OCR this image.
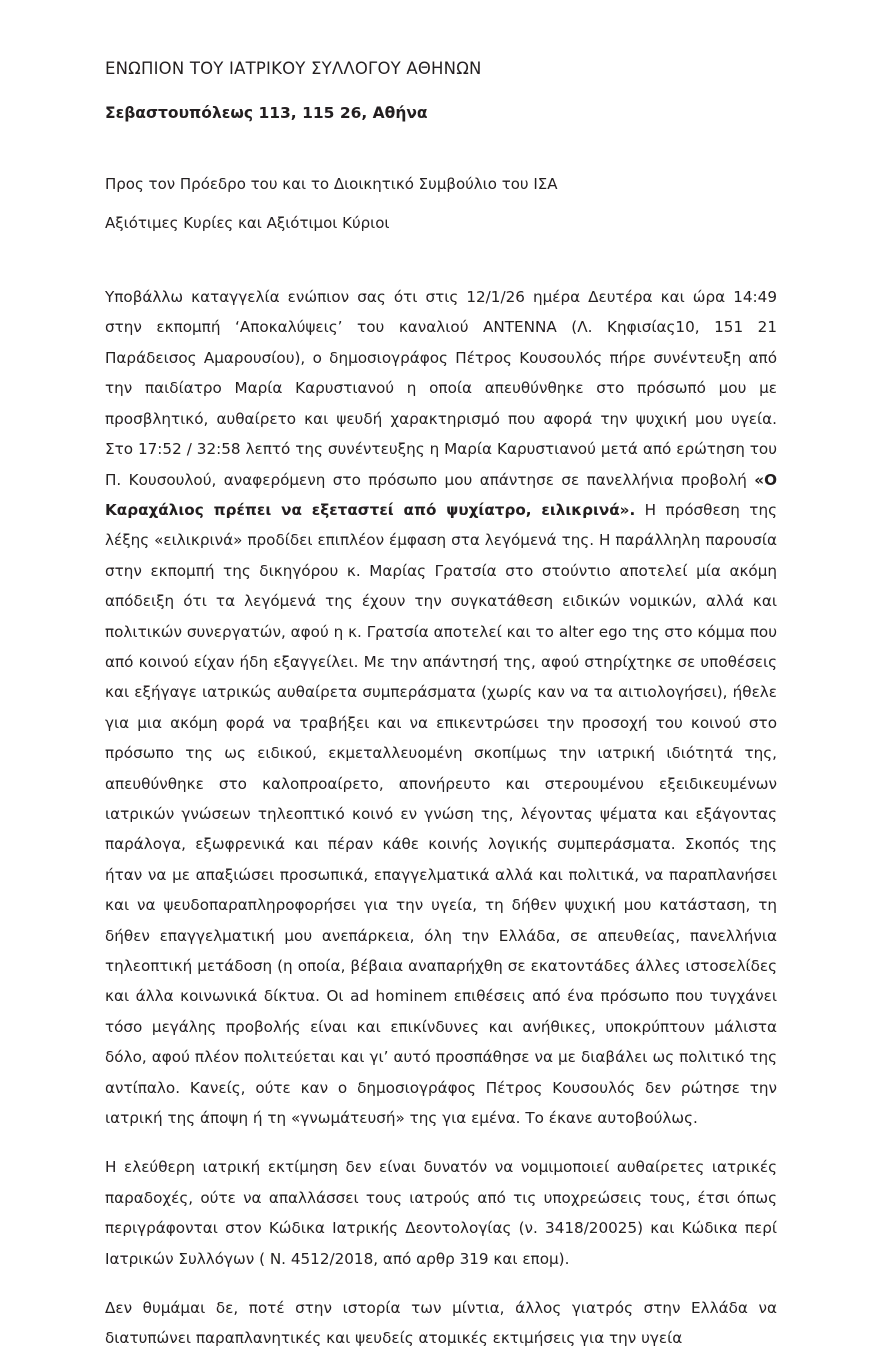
ΕΝΩΠΙΟΝ ΤΟΥ ΙΑΤΡΙΚΟΥ ΣΥΛΛΟΓΟΥ ΑΘΗΝΩΝ

Σεβαστουπόλεως 113, 115 26, Αθήνα

Προς τον Πρόεδρο του και το Διοικητικό Συμβούλιο του ΙΣΑ

Αξιότιμες Κυρίες και Αξιότιμοι Κύριοι

Υποβάλλω καταγγελία ενώπιον σας ότι στις 12/1/26 ημέρα Δευτέρα και ώρα 14:49 στην εκπομπή ‘Αποκαλύψεις’ του καναλιού ΑΝΤΕΝΝΑ (Λ. Κηφισίας10, 151 21 Παράδεισος Αμαρουσίου), ο δημοσιογράφος Πέτρος Κουσουλός πήρε συνέντευξη από την παιδίατρο Μαρία Καρυστιανού η οποία απευθύνθηκε στο πρόσωπό μου με προσβλητικό, αυθαίρετο και ψευδή χαρακτηρισμό που αφορά την ψυχική μου υγεία. Στο 17:52 / 32:58 λεπτό της συνέντευξης η Μαρία Καρυστιανού μετά από ερώτηση του Π. Κουσουλού, αναφερόμενη στο πρόσωπο μου απάντησε σε πανελλήνια προβολή «Ο Καραχάλιος πρέπει να εξεταστεί από ψυχίατρο, ειλικρινά». Η πρόσθεση της λέξης «ειλικρινά» προδίδει επιπλέον έμφαση στα λεγόμενά της. Η παράλληλη παρουσία στην εκπομπή της δικηγόρου κ. Μαρίας Γρατσία στο στούντιο αποτελεί μία ακόμη απόδειξη ότι τα λεγόμενά της έχουν την συγκατάθεση ειδικών νομικών, αλλά και πολιτικών συνεργατών, αφού η κ. Γρατσία αποτελεί και το alter ego της στο κόμμα που από κοινού είχαν ήδη εξαγγείλει. Με την απάντησή της, αφού στηρίχτηκε σε υποθέσεις και εξήγαγε ιατρικώς αυθαίρετα συμπεράσματα (χωρίς καν να τα αιτιολογήσει), ήθελε για μια ακόμη φορά να τραβήξει και να επικεντρώσει την προσοχή του κοινού στο πρόσωπο της ως ειδικού, εκμεταλλευομένη σκοπίμως την ιατρική ιδιότητά της, απευθύνθηκε στο καλοπροαίρετο, απονήρευτο και στερουμένου εξειδικευμένων ιατρικών γνώσεων τηλεοπτικό κοινό εν γνώση της, λέγοντας ψέματα και εξάγοντας παράλογα, εξωφρενικά και πέραν κάθε κοινής λογικής συμπεράσματα. Σκοπός της ήταν να με απαξιώσει προσωπικά, επαγγελματικά αλλά και πολιτικά, να παραπλανήσει και να ψευδοπαραπληροφορήσει για την υγεία, τη δήθεν ψυχική μου κατάσταση, τη δήθεν επαγγελματική μου ανεπάρκεια, όλη την Ελλάδα, σε απευθείας, πανελλήνια τηλεοπτική μετάδοση (η οποία, βέβαια αναπαρήχθη σε εκατοντάδες άλλες ιστοσελίδες και άλλα κοινωνικά δίκτυα. Οι ad hominem επιθέσεις από ένα πρόσωπο που τυγχάνει τόσο μεγάλης προβολής είναι και επικίνδυνες και ανήθικες, υποκρύπτουν μάλιστα δόλο, αφού πλέον πολιτεύεται και γι’ αυτό προσπάθησε να με διαβάλει ως πολιτικό της αντίπαλο. Κανείς, ούτε καν ο δημοσιογράφος Πέτρος Κουσουλός δεν ρώτησε την ιατρική της άποψη ή τη «γνωμάτευσή» της για εμένα. Το έκανε αυτοβούλως.

Η ελεύθερη ιατρική εκτίμηση δεν είναι δυνατόν να νομιμοποιεί αυθαίρετες ιατρικές παραδοχές, ούτε να απαλλάσσει τους ιατρούς από τις υποχρεώσεις τους, έτσι όπως περιγράφονται στον Κώδικα Ιατρικής Δεοντολογίας (ν. 3418/20025) και Κώδικα περί Ιατρικών Συλλόγων ( Ν. 4512/2018, από αρθρ 319 και επομ).

Δεν θυμάμαι δε, ποτέ στην ιστορία των μίντια, άλλος γιατρός στην Ελλάδα να διατυπώνει παραπλανητικές και ψευδείς ατομικές εκτιμήσεις για την υγεία
